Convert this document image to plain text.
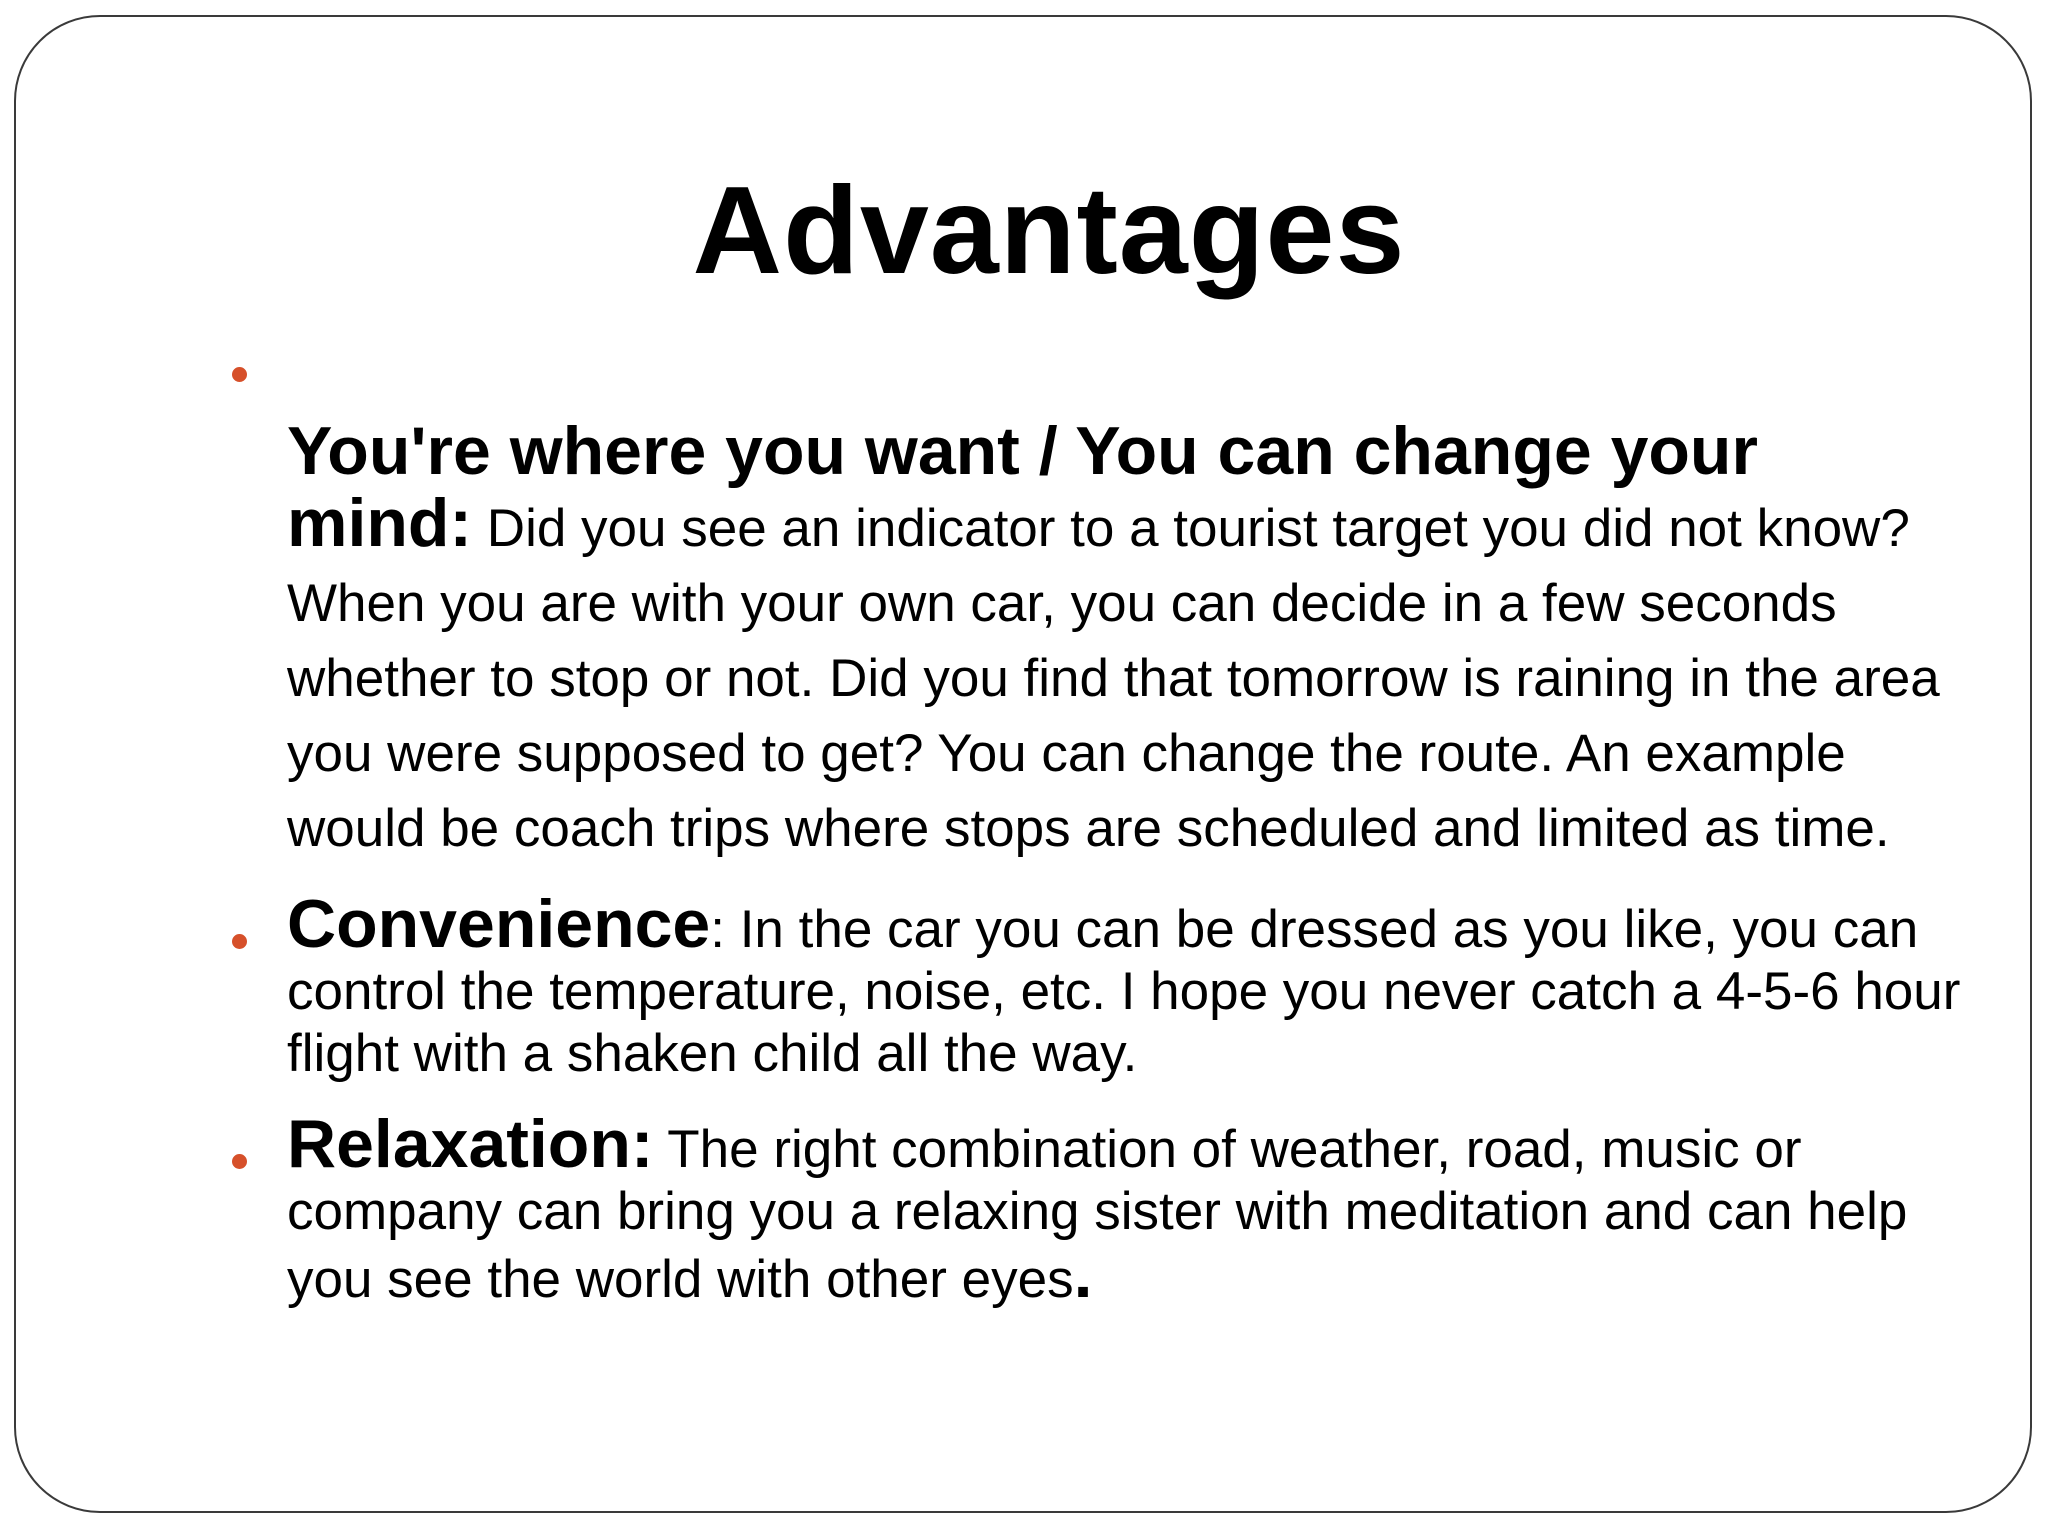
Advantages

You're where you want / You can change your
mind: Did you see an indicator to a tourist target you did not know? When you are with your own car, you can decide in a few seconds whether to stop or not. Did you find that tomorrow is raining in the area you were supposed to get? You can change the route. An example would be coach trips where stops are scheduled and limited as time.

Convenience: In the car you can be dressed as you like, you can control the temperature, noise, etc. I hope you never catch a 4-5-6 hour flight with a shaken child all the way.

Relaxation: The right combination of weather, road, music or company can bring you a relaxing sister with meditation and can help you see the world with other eyes.
